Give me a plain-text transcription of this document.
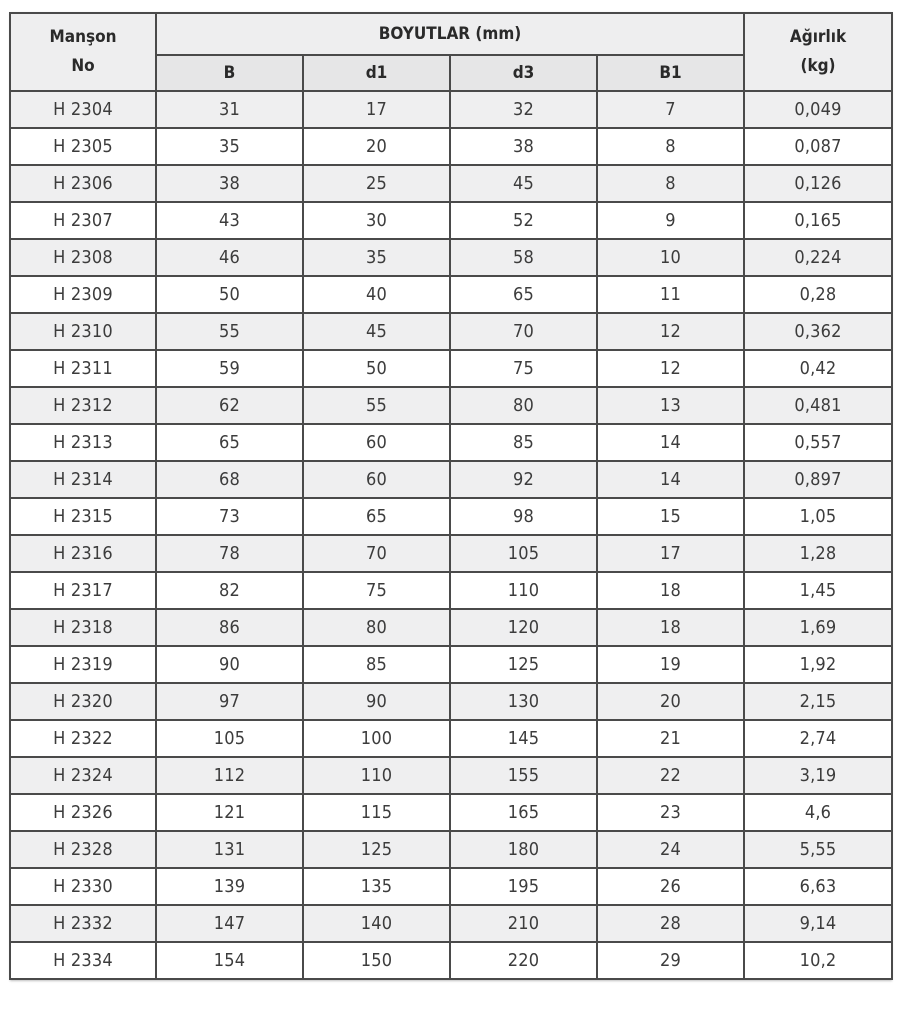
Manşon
No	BOYUTLAR (mm)				Ağırlık
(kg)

	B	d1	d3	B1	
H 2304	31	17	32	7	0,049
H 2305	35	20	38	8	0,087
H 2306	38	25	45	8	0,126
H 2307	43	30	52	9	0,165
H 2308	46	35	58	10	0,224
H 2309	50	40	65	11	0,28
H 2310	55	45	70	12	0,362
H 2311	59	50	75	12	0,42
H 2312	62	55	80	13	0,481
H 2313	65	60	85	14	0,557
H 2314	68	60	92	14	0,897
H 2315	73	65	98	15	1,05
H 2316	78	70	105	17	1,28
H 2317	82	75	110	18	1,45
H 2318	86	80	120	18	1,69
H 2319	90	85	125	19	1,92
H 2320	97	90	130	20	2,15
H 2322	105	100	145	21	2,74
H 2324	112	110	155	22	3,19
H 2326	121	115	165	23	4,6
H 2328	131	125	180	24	5,55
H 2330	139	135	195	26	6,63
H 2332	147	140	210	28	9,14
H 2334	154	150	220	29	10,2
